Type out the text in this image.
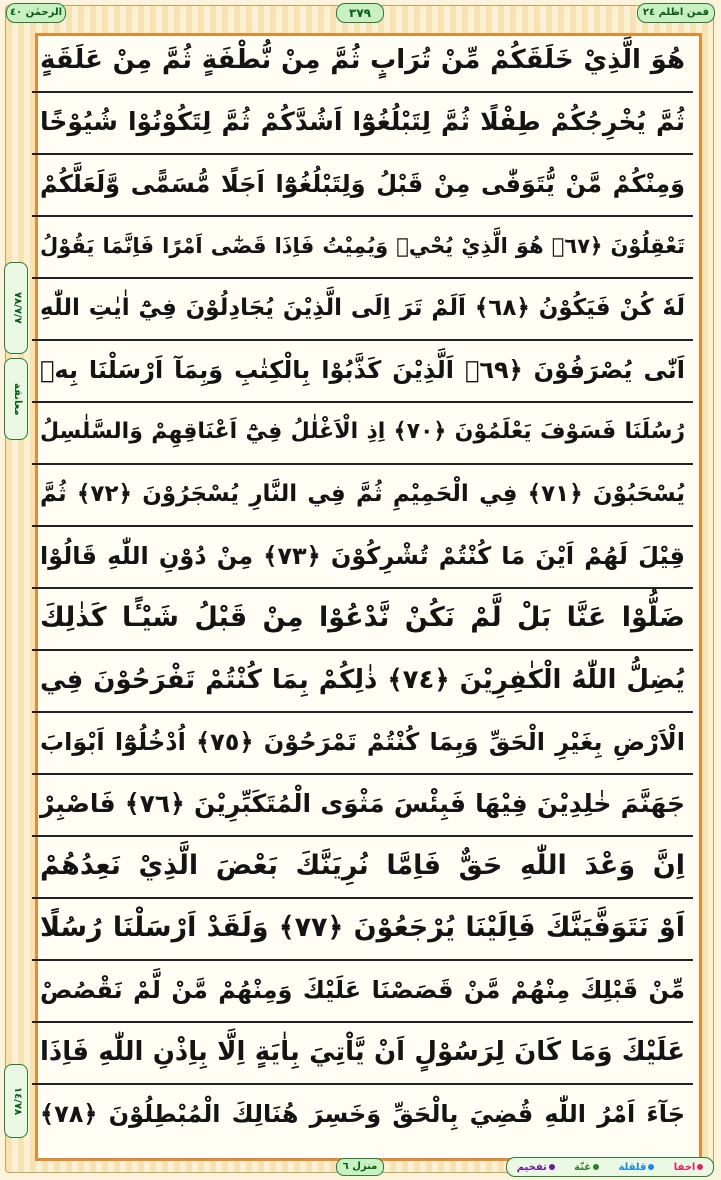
الرحمٰن ٤٠	٣٧٩	فمن اظلم ٢٤
٧٨/٧/٧
معانقة
١٤/٧٨
هُوَ الَّذِيْ خَلَقَكُمْ مِّنْ تُرَابٍ ثُمَّ مِنْ نُّطْفَةٍ ثُمَّ مِنْ عَلَقَةٍ
ثُمَّ يُخْرِجُكُمْ طِفْلًا ثُمَّ لِتَبْلُغُوْٓا اَشُدَّكُمْ ثُمَّ لِتَكُوْنُوْا شُيُوْخًا
وَمِنْكُمْ مَّنْ يُّتَوَفّٰى مِنْ قَبْلُ وَلِتَبْلُغُوْٓا اَجَلًا مُّسَمًّى وَّلَعَلَّكُمْ
تَعْقِلُوْنَ ﴿٦٧﴾ هُوَ الَّذِيْ يُحْيٖ وَيُمِيْتُ فَاِذَا قَضٰٓى اَمْرًا فَاِنَّمَا يَقُوْلُ
لَهٗ كُنْ فَيَكُوْنُ ﴿٦٨﴾ اَلَمْ تَرَ اِلَى الَّذِيْنَ يُجَادِلُوْنَ فِيْٓ اٰيٰتِ اللّٰهِ
اَنّٰى يُصْرَفُوْنَ ﴿٦٩﴾ اَلَّذِيْنَ كَذَّبُوْا بِالْكِتٰبِ وَبِمَآ اَرْسَلْنَا بِهٖ
رُسُلَنَا فَسَوْفَ يَعْلَمُوْنَ ﴿٧٠﴾ اِذِ الْاَغْلٰلُ فِيْٓ اَعْنَاقِهِمْ وَالسَّلٰسِلُ
يُسْحَبُوْنَ ﴿٧١﴾ فِي الْحَمِيْمِ ثُمَّ فِي النَّارِ يُسْجَرُوْنَ ﴿٧٢﴾ ثُمَّ
قِيْلَ لَهُمْ اَيْنَ مَا كُنْتُمْ تُشْرِكُوْنَ ﴿٧٣﴾ مِنْ دُوْنِ اللّٰهِ قَالُوْا
ضَلُّوْا عَنَّا بَلْ لَّمْ نَكُنْ نَّدْعُوْا مِنْ قَبْلُ شَيْـًٔا كَذٰلِكَ
يُضِلُّ اللّٰهُ الْكٰفِرِيْنَ ﴿٧٤﴾ ذٰلِكُمْ بِمَا كُنْتُمْ تَفْرَحُوْنَ فِي
الْاَرْضِ بِغَيْرِ الْحَقِّ وَبِمَا كُنْتُمْ تَمْرَحُوْنَ ﴿٧٥﴾ اُدْخُلُوْٓا اَبْوَابَ
جَهَنَّمَ خٰلِدِيْنَ فِيْهَا فَبِئْسَ مَثْوَى الْمُتَكَبِّرِيْنَ ﴿٧٦﴾ فَاصْبِرْ
اِنَّ وَعْدَ اللّٰهِ حَقٌّ فَاِمَّا نُرِيَنَّكَ بَعْضَ الَّذِيْ نَعِدُهُمْ
اَوْ نَتَوَفَّيَنَّكَ فَاِلَيْنَا يُرْجَعُوْنَ ﴿٧٧﴾ وَلَقَدْ اَرْسَلْنَا رُسُلًا
مِّنْ قَبْلِكَ مِنْهُمْ مَّنْ قَصَصْنَا عَلَيْكَ وَمِنْهُمْ مَّنْ لَّمْ نَقْصُصْ
عَلَيْكَ وَمَا كَانَ لِرَسُوْلٍ اَنْ يَّاْتِيَ بِاٰيَةٍ اِلَّا بِاِذْنِ اللّٰهِ فَاِذَا
جَآءَ اَمْرُ اللّٰهِ قُضِيَ بِالْحَقِّ وَخَسِرَ هُنَالِكَ الْمُبْطِلُوْنَ ﴿٧٨﴾
منزل ٦	اخفا
قلقلة
غنّة
تفخيم
